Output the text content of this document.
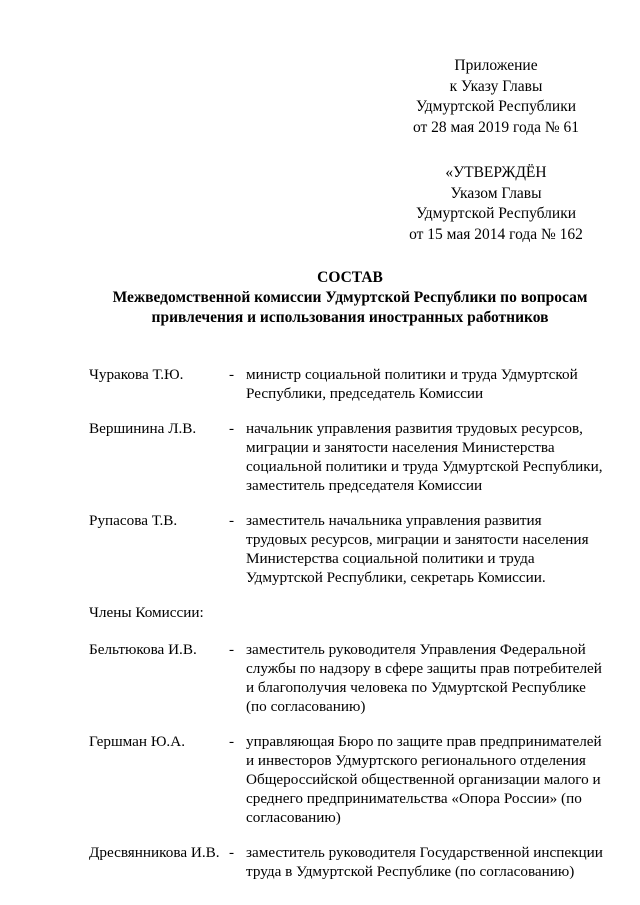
Приложение
к Указу Главы
Удмуртской Республики
от 28 мая 2019 года № 61
«УТВЕРЖДЁН
Указом Главы
Удмуртской Республики
от 15 мая 2014 года № 162
СОСТАВ
Межведомственной комиссии Удмуртской Республики по вопросам
привлечения и использования иностранных работников
Чуракова Т.Ю.	- министр социальной политики и труда Удмуртской
Республики, председатель Комиссии
Вершинина Л.В.	- начальник управления развития трудовых ресурсов,
миграции и занятости населения Министерства
социальной политики и труда Удмуртской Республики,
заместитель председателя Комиссии
Рупасова Т.В.	- заместитель начальника управления развития
трудовых ресурсов, миграции и занятости населения
Министерства социальной политики и труда
Удмуртской Республики, секретарь Комиссии.
Члены Комиссии:
Бельтюкова И.В.	- заместитель руководителя Управления Федеральной
службы по надзору в сфере защиты прав потребителей
и благополучия человека по Удмуртской Республике
(по согласованию)
Гершман Ю.А.	- управляющая Бюро по защите прав предпринимателей
и инвесторов Удмуртского регионального отделения
Общероссийской общественной организации малого и
среднего предпринимательства «Опора России» (по
согласованию)
Дресвянникова И.В. - заместитель руководителя Государственной инспекции
труда в Удмуртской Республике (по согласованию)
